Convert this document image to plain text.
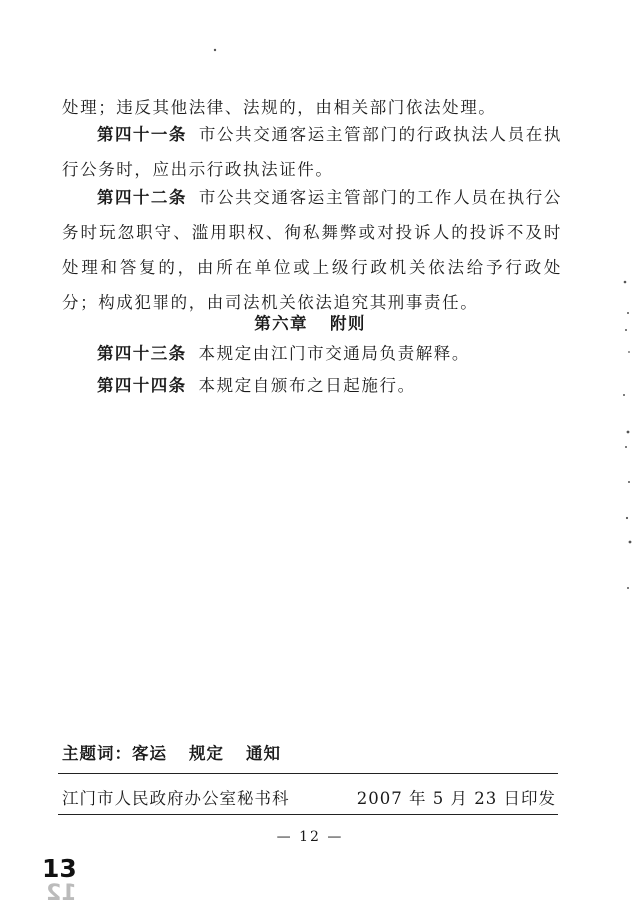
处理；违反其他法律、法规的，由相关部门依法处理。

第四十一条 市公共交通客运主管部门的行政执法人员在执行公务时，应出示行政执法证件。

第四十二条 市公共交通客运主管部门的工作人员在执行公务时玩忽职守、滥用职权、徇私舞弊或对投诉人的投诉不及时处理和答复的，由所在单位或上级行政机关依法给予行政处分；构成犯罪的，由司法机关依法追究其刑事责任。

第六章 附则

第四十三条 本规定由江门市交通局负责解释。

第四十四条 本规定自颁布之日起施行。

主题词：客运 规定 通知
江门市人民政府办公室秘书科	2007 年 5 月 23 日印发
— 12 —
13
12
